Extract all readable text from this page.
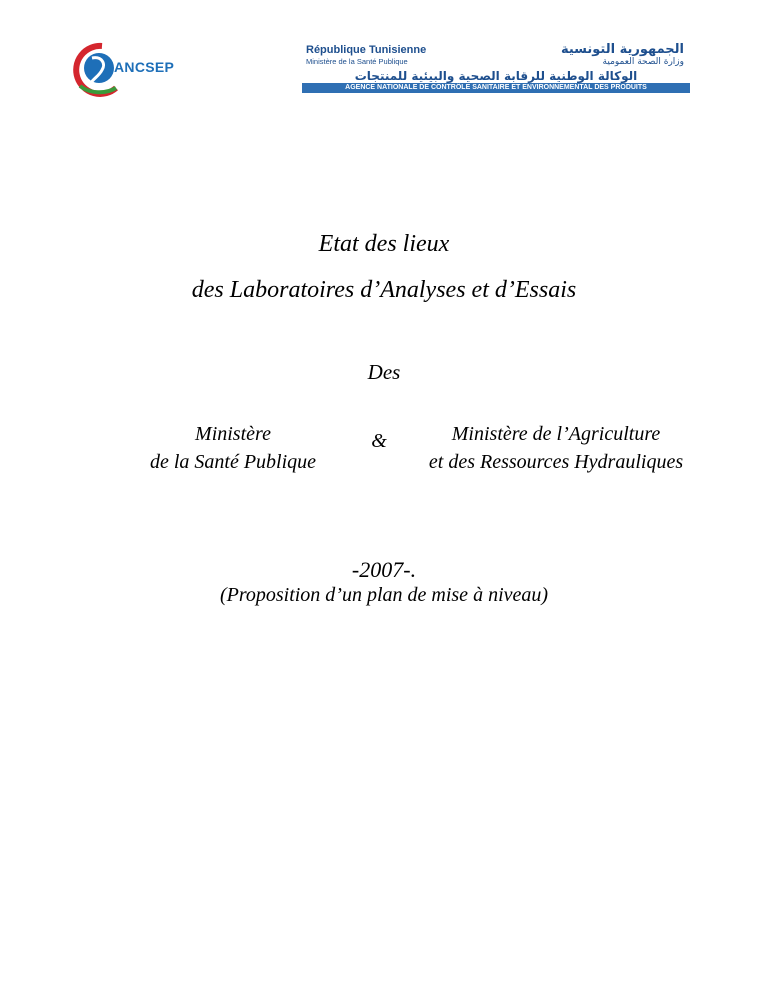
ANCSEP
République Tunisienne
Ministère de la Santé Publique
الجمهورية التونسية
وزارة الصحة العمومية
الوكالة الوطنية للرقابة الصحية والبيئية للمنتجات
AGENCE NATIONALE DE CONTRÔLE SANITAIRE ET ENVIRONNEMENTAL DES PRODUITS
Etat des lieux
des Laboratoires d’Analyses et d’Essais
Des
Ministère
de la Santé Publique
&	Ministère de l’Agriculture
et des Ressources Hydrauliques
-2007-.
(Proposition d’un plan de mise à niveau)
